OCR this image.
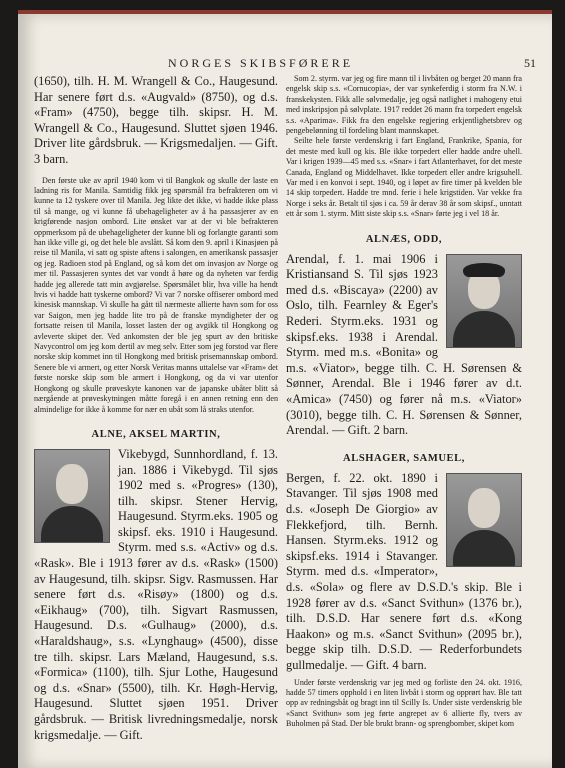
NORGES SKIBSFØRERE	51

(1650), tilh. H. M. Wrangell & Co., Haugesund. Har senere ført d.s. «Augvald» (8750), og d.s. «Fram» (4750), begge tilh. skipsr. H. M. Wrangell & Co., Haugesund. Sluttet sjøen 1946. Driver lite gårdsbruk. — Krigsmedaljen. — Gift. 3 barn.

Den første uke av april 1940 kom vi til Bangkok og skulle der laste en ladning ris for Manila. Samtidig fikk jeg spørsmål fra befrakteren om vi kunne ta 12 tyskere over til Manila. Jeg likte det ikke, vi hadde ikke plass til så mange, og vi kunne få ubehageligheter av å ha passasjerer av en krigførende nasjon ombord. Lite ønsket var at der vi ble befrakteren oppmerksom på de ubehageligheter der kunne bli og forlangte garanti som han ikke ville gi, og det hele ble avslått. Så kom den 9. april i Kinasjøen på reise til Manila, vi satt og spiste aftens i salongen, en amerikansk passasjer og jeg. Radioen stod på England, og så kom det om invasjon av Norge og mer til. Passasjeren syntes det var vondt å høre og da nyheten var ferdig hadde jeg allerede tatt min avgjørelse. Spørsmålet blir, hva ville ha hendt hvis vi hadde hatt tyskerne ombord? Vi var 7 norske offiserer ombord med kinesisk mannskap. Vi skulle ha gått til nærmeste allierte havn som for oss var Saigon, men jeg hadde lite tro på de franske myndigheter der og fortsatte reisen til Manila, losset lasten der og avgikk til Hongkong og avleverte skipet der. Ved ankomsten der ble jeg spurt av den britiske Navycontrol om jeg kom dertil av meg selv. Etter som jeg forstod var flere norske skip kommet inn til Hongkong med britisk prisemannskap ombord. Senere ble vi armert, og etter Norsk Veritas manns uttalelse var «Fram» det første norske skip som ble armert i Hongkong, og da vi var utenfor Hongkong og skulle prøveskyte kanonen var de japanske ubåter blitt så nærgående at prøveskytningen måtte foregå i en annen retning enn den almindelige for ikke å komme for nær en ubåt som lå straks utenfor.

ALNE, AKSEL MARTIN,

Vikebygd, Sunnhordland, f. 13. jan. 1886 i Vikebygd. Til sjøs 1902 med s. «Progres» (130), tilh. skipsr. Stener Hervig, Haugesund. Styrm.eks. 1905 og skipsf. eks. 1910 i Haugesund. Styrm. med s.s. «Activ» og d.s. «Rask». Ble i 1913 fører av d.s. «Rask» (1500) av Haugesund, tilh. skipsr. Sigv. Rasmussen. Har senere ført d.s. «Risøy» (1800) og d.s. «Eikhaug» (700), tilh. Sigvart Rasmussen, Haugesund. D.s. «Gulhaug» (2000), d.s. «Haraldshaug», s.s. «Lynghaug» (4500), disse tre tilh. skipsr. Lars Mæland, Haugesund, s.s. «Formica» (1100), tilh. Sjur Lothe, Haugesund og d.s. «Snar» (5500), tilh. Kr. Høgh-Hervig, Haugesund. Sluttet sjøen 1951. Driver gårdsbruk. — Britisk livredningsmedalje, norsk krigsmedalje. — Gift.

Som 2. styrm. var jeg og fire mann til i livbåten og berget 20 mann fra engelsk skip s.s. «Cornucopia», der var synkeferdig i storm fra N.W. i franskekysten. Fikk alle sølvmedalje, jeg også natlighet i mahogeny etui med inskripsjon på sølvplate. 1917 reddet 26 mann fra torpedert engelsk s.s. «Aparima». Fikk fra den engelske regjering erkjentlighetsbrev og pengebelønning til fordeling blant mannskapet.

Seilte hele første verdenskrig i fart England, Frankrike, Spania, for det meste med kull og kis. Ble ikke torpedert eller hadde andre uhell. Var i krigen 1939—45 med s.s. «Snar» i fart Atlanterhavet, for det meste Canada, England og Middelhavet. Ikke torpedert eller andre krigsuhell. Var med i en konvoi i sept. 1940, og i løpet av fire timer på kvelden ble 14 skip torpedert. Hadde tre mnd. ferie i hele krigstiden. Var vekke fra Norge i seks år. Betalt til sjøs i ca. 59 år derav 38 år som skipsf., unntatt ett år som 1. styrm. Mitt siste skip s.s. «Snar» førte jeg i vel 18 år.

ALNÆS, ODD,

Arendal, f. 1. mai 1906 i Kristiansand S. Til sjøs 1923 med d.s. «Biscaya» (2200) av Oslo, tilh. Fearnley & Eger's Rederi. Styrm.eks. 1931 og skipsf.eks. 1938 i Arendal. Styrm. med m.s. «Bonita» og m.s. «Viator», begge tilh. C. H. Sørensen & Sønner, Arendal. Ble i 1946 fører av d.t. «Amica» (7450) og fører nå m.s. «Viator» (3010), begge tilh. C. H. Sørensen & Sønner, Arendal. — Gift. 2 barn.

ALSHAGER, SAMUEL,

Bergen, f. 22. okt. 1890 i Stavanger. Til sjøs 1908 med d.s. «Joseph De Giorgio» av Flekkefjord, tilh. Bernh. Hansen. Styrm.eks. 1912 og skipsf.eks. 1914 i Stavanger. Styrm. med d.s. «Imperator», d.s. «Sola» og flere av D.S.D.'s skip. Ble i 1928 fører av d.s. «Sanct Svithun» (1376 br.), tilh. D.S.D. Har senere ført d.s. «Kong Haakon» og m.s. «Sanct Svithun» (2095 br.), begge skip tilh. D.S.D. — Rederforbundets gullmedalje. — Gift. 4 barn.

Under første verdenskrig var jeg med og forliste den 24. okt. 1916, hadde 57 timers opphold i en liten livbåt i storm og opprørt hav. Ble tatt opp av redningsbåt og bragt inn til Scilly Is. Under siste verdenskrig ble «Sanct Svithun» som jeg førte angrepet av 6 allierte fly, tvers av Buholmen på Stad. Der ble brukt brann- og sprengbomber, skipet kom
